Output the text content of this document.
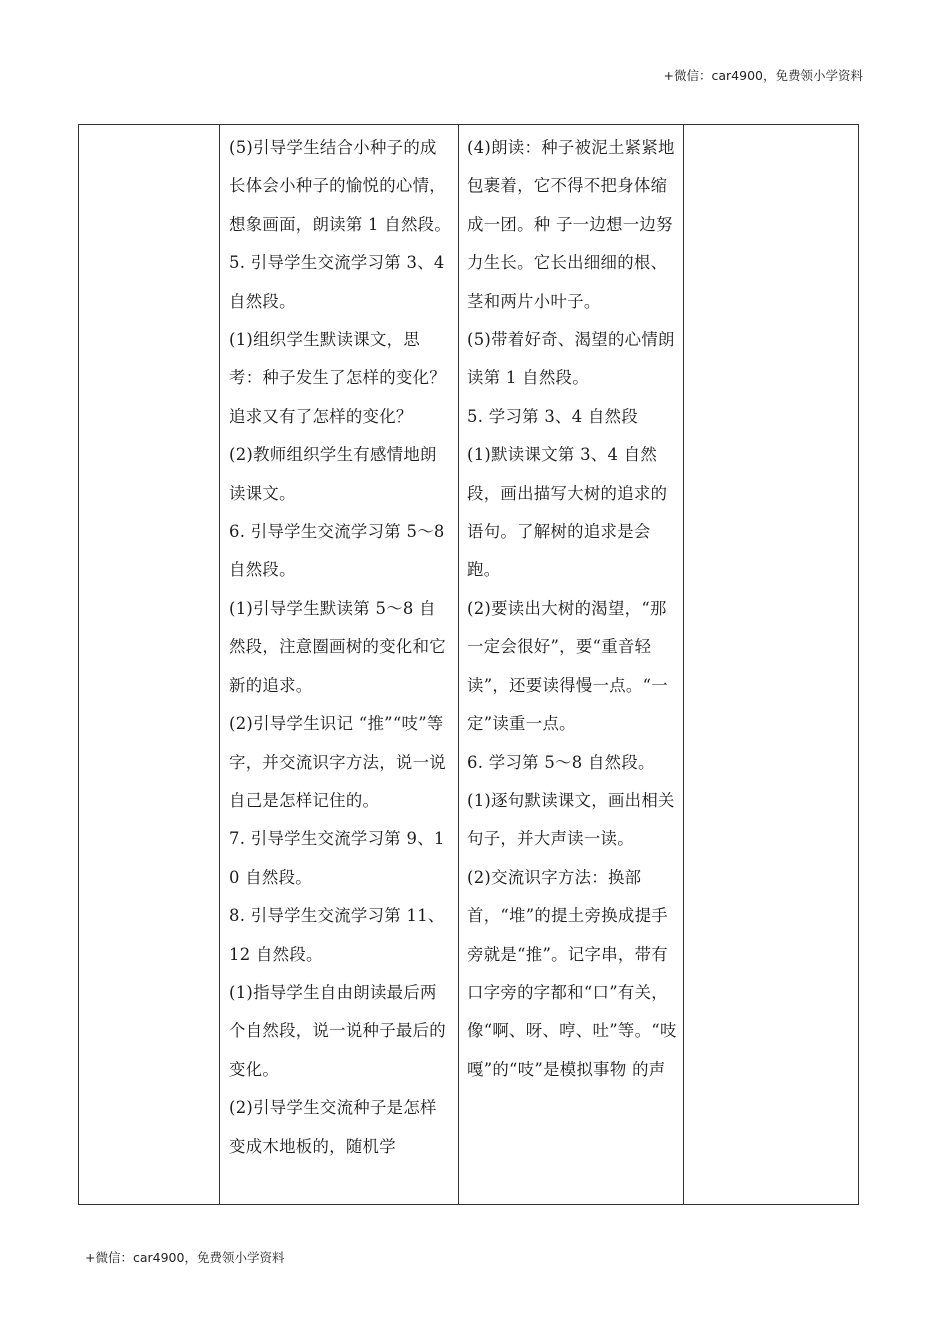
+微信：car4900，免费领小学资料

(5)引导学生结合小种子的成长体会小种子的愉悦的心情，想象画面，朗读第 1 自然段。

5. 引导学生交流学习第 3、4 自然段。

(1)组织学生默读课文，思考：种子发生了怎样的变化？追求又有了怎样的变化？

(2)教师组织学生有感情地朗读课文。

6. 引导学生交流学习第 5～8 自然段。

(1)引导学生默读第 5～8 自然段，注意圈画树的变化和它新的追求。

(2)引导学生识记 “推”“吱”等字，并交流识字方法，说一说自己是怎样记住的。

7. 引导学生交流学习第 9、10 自然段。

8. 引导学生交流学习第 11、12 自然段。

(1)指导学生自由朗读最后两个自然段，说一说种子最后的变化。

(2)引导学生交流种子是怎样变成木地板的，随机学

(4)朗读：种子被泥土紧紧地包裹着，它不得不把身体缩成一团。种 子一边想一边努力生长。它长出细细的根、茎和两片小叶子。

(5)带着好奇、渴望的心情朗读第 1 自然段。

5. 学习第 3、4 自然段

(1)默读课文第 3、4 自然段，画出描写大树的追求的语句。了解树的追求是会跑。

(2)要读出大树的渴望，“那一定会很好”，要“重音轻读”，还要读得慢一点。“一定”读重一点。

6. 学习第 5～8 自然段。

(1)逐句默读课文，画出相关句子，并大声读一读。

(2)交流识字方法：换部首，“堆”的提土旁换成提手旁就是“推”。记字串，带有口字旁的字都和“口”有关，像“啊、呀、哼、吐”等。“吱嘎”的“吱”是模拟事物 的声

+微信：car4900，免费领小学资料
